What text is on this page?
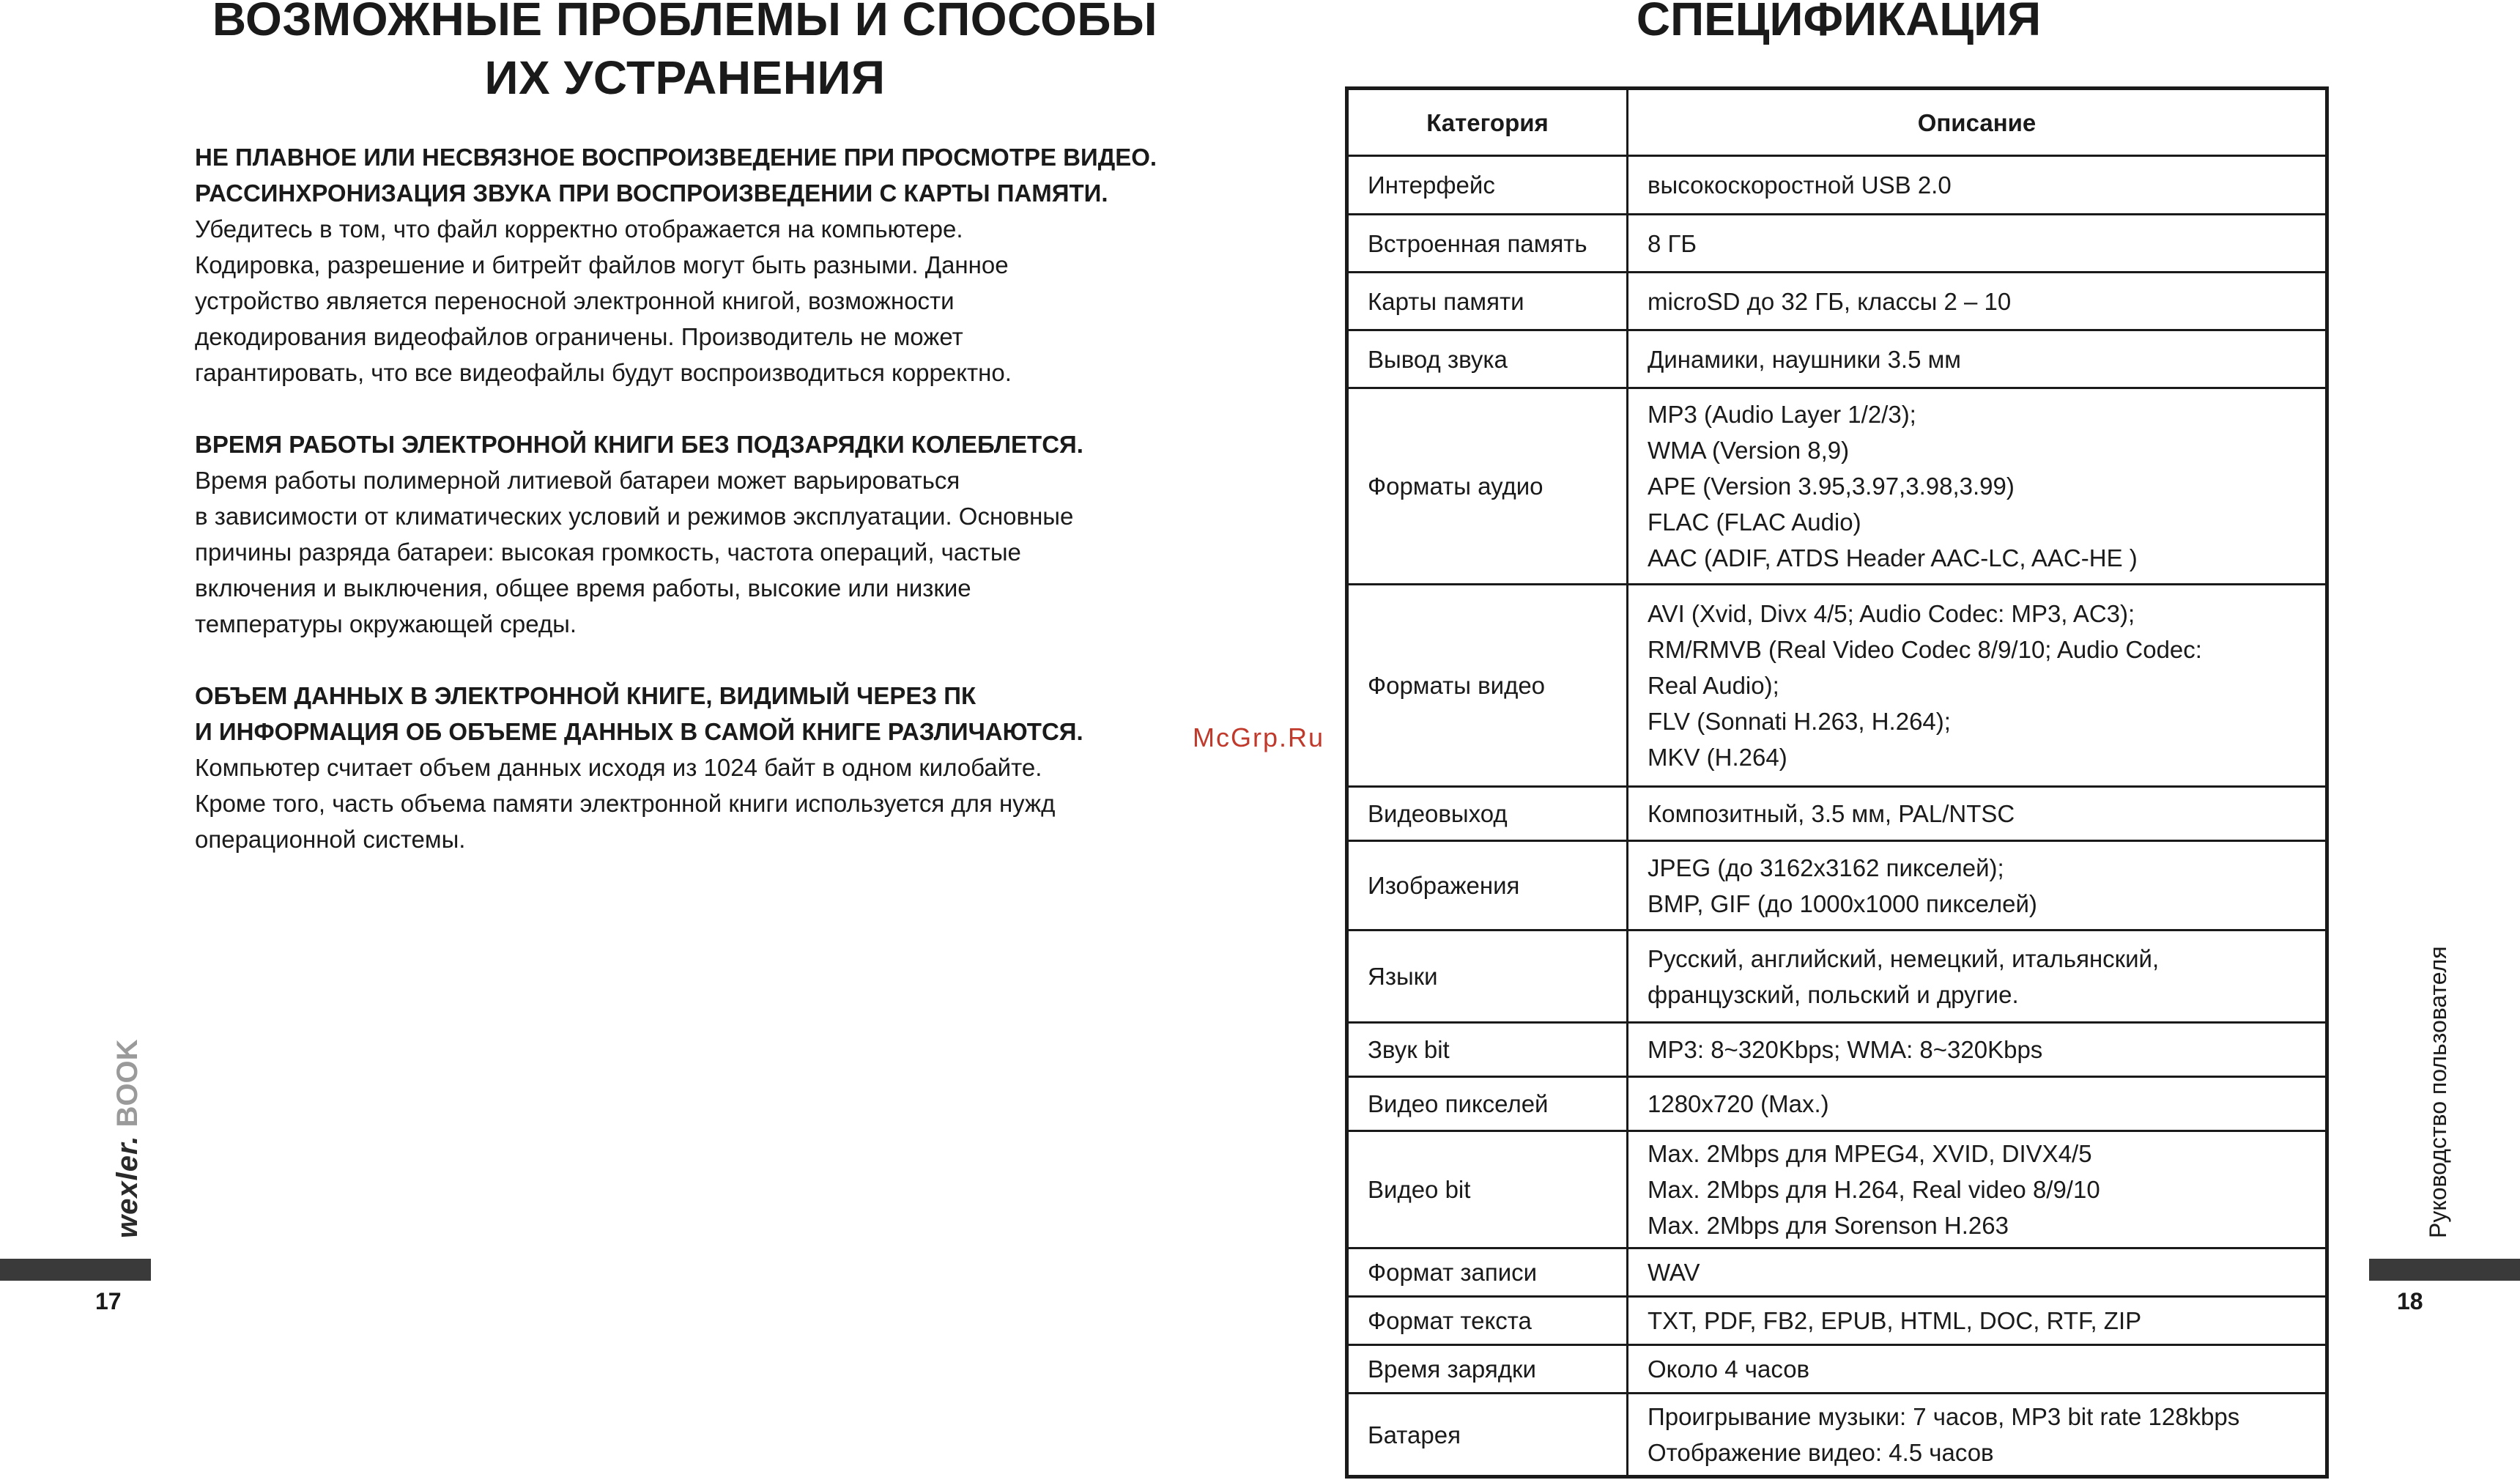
ВОЗМОЖНЫЕ ПРОБЛЕМЫ И СПОСОБЫ
ИХ УСТРАНЕНИЯ
НЕ ПЛАВНОЕ ИЛИ НЕСВЯЗНОЕ ВОСПРОИЗВЕДЕНИЕ ПРИ ПРОСМОТРЕ ВИДЕО.
РАССИНХРОНИЗАЦИЯ ЗВУКА ПРИ ВОСПРОИЗВЕДЕНИИ С КАРТЫ ПАМЯТИ.
Убедитесь в том, что файл корректно отображается на компьютере.
Кодировка, разрешение и битрейт файлов могут быть разными. Данное
устройство является переносной электронной книгой, возможности
декодирования видеофайлов ограничены. Производитель не может
гарантировать, что все видеофайлы будут воспроизводиться корректно.
ВРЕМЯ РАБОТЫ ЭЛЕКТРОННОЙ КНИГИ БЕЗ ПОДЗАРЯДКИ КОЛЕБЛЕТСЯ.
Время работы полимерной литиевой батареи может варьироваться
в зависимости от климатических условий и режимов эксплуатации. Основные
причины разряда батареи: высокая громкость, частота операций, частые
включения и выключения, общее время работы, высокие или низкие
температуры окружающей среды.
ОБЪЕМ ДАННЫХ В ЭЛЕКТРОННОЙ КНИГЕ, ВИДИМЫЙ ЧЕРЕЗ ПК
И ИНФОРМАЦИЯ ОБ ОБЪЕМЕ ДАННЫХ В САМОЙ КНИГЕ РАЗЛИЧАЮТСЯ.
Компьютер считает объем данных исходя из 1024 байт в одном килобайте.
Кроме того, часть объема памяти электронной книги используется для нужд
операционной системы.
wexler. BOOK
17
McGrp.Ru
СПЕЦИФИКАЦИЯ
Категория	Описание
Интерфейс	высокоскоростной USB 2.0

Встроенная память	8 ГБ

Карты памяти	microSD до 32 ГБ, классы 2 – 10

Вывод звука	Динамики, наушники 3.5 мм

Форматы аудио	MP3 (Audio Layer 1/2/3);
WMA (Version 8,9)
APE (Version 3.95,3.97,3.98,3.99)
FLAC (FLAC Audio)
AAC (ADIF, ATDS Header AAC-LC, AAC-HE )

Форматы видео	AVI (Xvid, Divx 4/5; Audio Codec: MP3, AC3);
RM/RMVB (Real Video Codec 8/9/10; Audio Codec:
Real Audio);
FLV (Sonnati H.263, H.264);
MKV (H.264)

Видеовыход	Композитный, 3.5 мм, PAL/NTSC

Изображения	JPEG (до 3162x3162 пикселей);
BMP, GIF (до 1000x1000 пикселей)

Языки	Русский, английский, немецкий, итальянский,
французский, польский и другие.

Звук bit	MP3: 8~320Kbps; WMA: 8~320Kbps

Видео пикселей	1280x720 (Max.)

Видео bit	Max. 2Mbps для MPEG4, XVID, DIVX4/5
Max. 2Mbps для H.264, Real video 8/9/10
Max. 2Mbps для Sorenson H.263

Формат записи	WAV

Формат текста	TXT, PDF, FB2, EPUB, HTML, DOC, RTF, ZIP

Время зарядки	Около 4 часов

Батарея	Проигрывание музыки: 7 часов, MP3 bit rate 128kbps
Отображение видео: 4.5 часов
Руководство пользователя
18
